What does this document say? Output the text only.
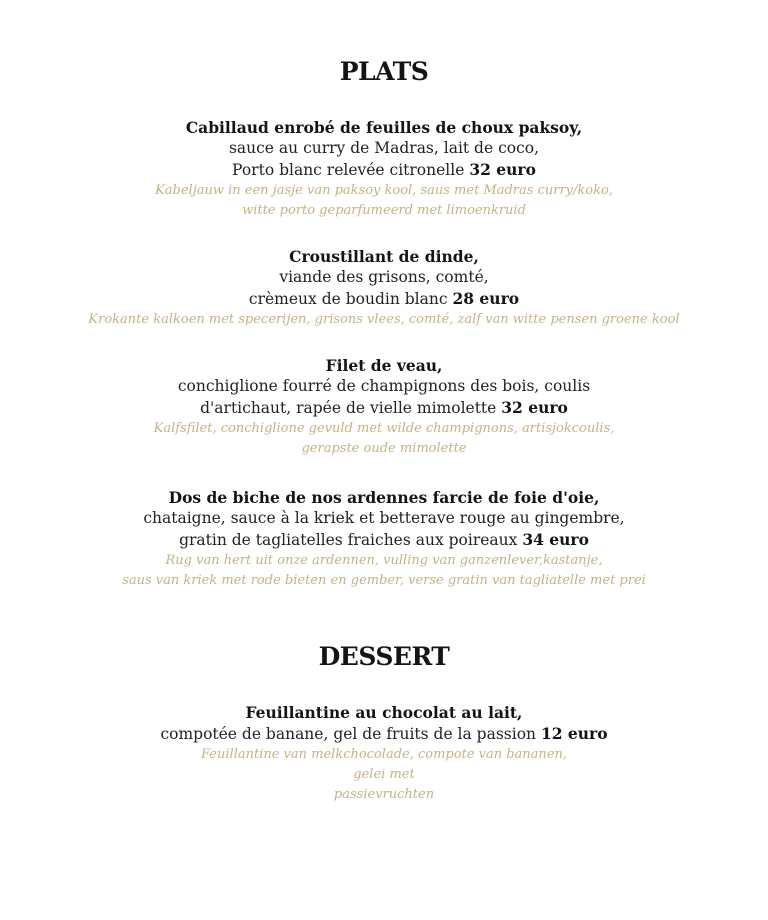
PLATS
Cabillaud enrobé de feuilles de choux paksoy,
sauce au curry de Madras, lait de coco,
Porto blanc relevée citronelle 32 euro
Kabeljauw in een jasje van paksoy kool, saus met Madras curry/koko,
witte porto geparfumeerd met limoenkruid
Croustillant de dinde,
viande des grisons, comté,
crèmeux de boudin blanc 28 euro
Krokante kalkoen met specerijen, grisons vlees, comté, zalf van witte pensen groene kool
Filet de veau,
conchiglione fourré de champignons des bois, coulis
d'artichaut, rapée de vielle mimolette 32 euro
Kalfsfilet, conchiglione gevuld met wilde champignons, artisjokcoulis,
gerapste oude mimolette
Dos de biche de nos ardennes farcie de foie d'oie,
chataigne, sauce à la kriek et betterave rouge au gingembre,
gratin de tagliatelles fraiches aux poireaux 34 euro
Rug van hert uit onze ardennen, vulling van ganzenlever,kastanje,
saus van kriek met rode bieten en gember, verse gratin van tagliatelle met prei
DESSERT
Feuillantine au chocolat au lait,
compotée de banane, gel de fruits de la passion 12 euro
Feuillantine van melkchocolade, compote van bananen,
gelei met
passievruchten
